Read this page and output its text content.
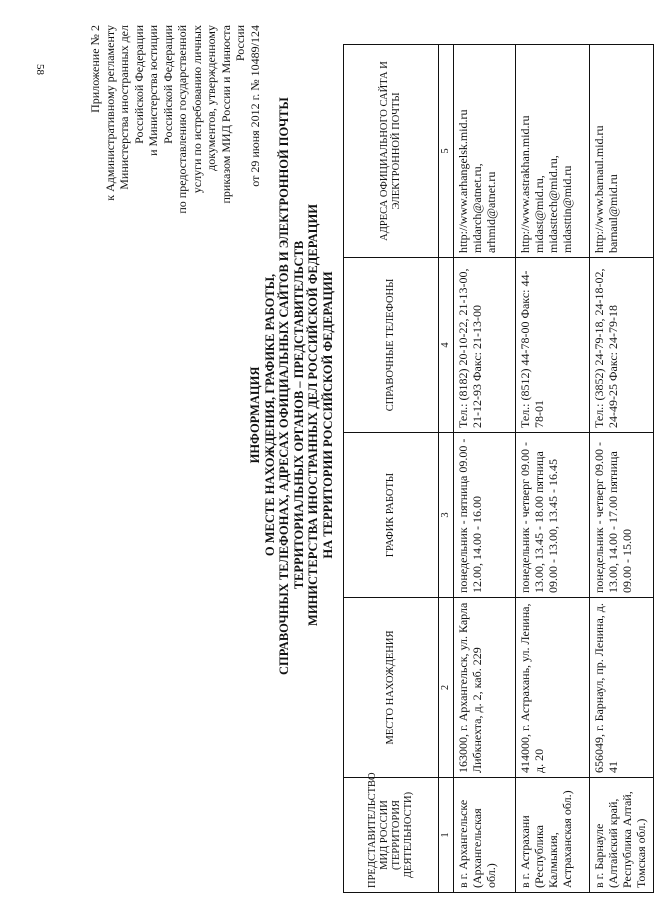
58	Приложение № 2 к Административному регламенту Министерства иностранных дел Российской Федерации и Министерства юстиции Российской Федерации по предоставлению государственной услуги по истребованию личных документов, утвержденному приказом МИД России и Минюста России от 29 июня 2012 г. № 10489/124
ИНФОРМАЦИЯ О МЕСТЕ НАХОЖДЕНИЯ, ГРАФИКЕ РАБОТЫ, СПРАВОЧНЫХ ТЕЛЕФОНАХ, АДРЕСАХ ОФИЦИАЛЬНЫХ САЙТОВ И ЭЛЕКТРОННОЙ ПОЧТЫ ТЕРРИТОРИАЛЬНЫХ ОРГАНОВ – ПРЕДСТАВИТЕЛЬСТВ МИНИСТЕРСТВА ИНОСТРАННЫХ ДЕЛ РОССИЙСКОЙ ФЕДЕРАЦИИ НА ТЕРРИТОРИИ РОССИЙСКОЙ ФЕДЕРАЦИИ
ПРЕДСТАВИТЕЛЬСТВО МИД РОССИИ (ТЕРРИТОРИЯ ДЕЯТЕЛЬНОСТИ)	МЕСТО НАХОЖДЕНИЯ	ГРАФИК РАБОТЫ	СПРАВОЧНЫЕ ТЕЛЕФОНЫ	АДРЕСА ОФИЦИАЛЬНОГО САЙТА И ЭЛЕКТРОННОЙ ПОЧТЫ
1	2	3	4	5
в г. Архангельске (Архангельская обл.)	163000, г. Архангельск, ул. Карла Либкнехта, д. 2, каб. 229	понедельник - пятница 09.00 - 12.00, 14.00 - 16.00	Тел.: (8182) 20-10-22, 21-13-00, 21-12-93 Факс: 21-13-00	http://www.arhangelsk.mid.ru midarch@atnet.ru, arhmid@atnet.ru

в г. Астрахани (Республика Калмыкия, Астраханская обл.)	414000, г. Астрахань, ул. Ленина, д. 20	понедельник - четверг 09.00 - 13.00, 13.45 - 18.00 пятница 09.00 - 13.00, 13.45 - 16.45	Тел.: (8512) 44-78-00 Факс: 44-78-01	http://www.astrakhan.mid.ru midast@mid.ru, midasttech@mid.ru, midasttin@mid.ru

в г. Барнауле (Алтайский край, Республика Алтай, Томская обл.)	656049, г. Барнаул, пр. Ленина, д. 41	понедельник - четверг 09.00 - 13.00, 14.00 - 17.00 пятница 09.00 - 15.00	Тел.: (3852) 24-79-18, 24-18-02, 24-49-25 Факс: 24-79-18	http://www.barnaul.mid.ru barnaul@mid.ru
